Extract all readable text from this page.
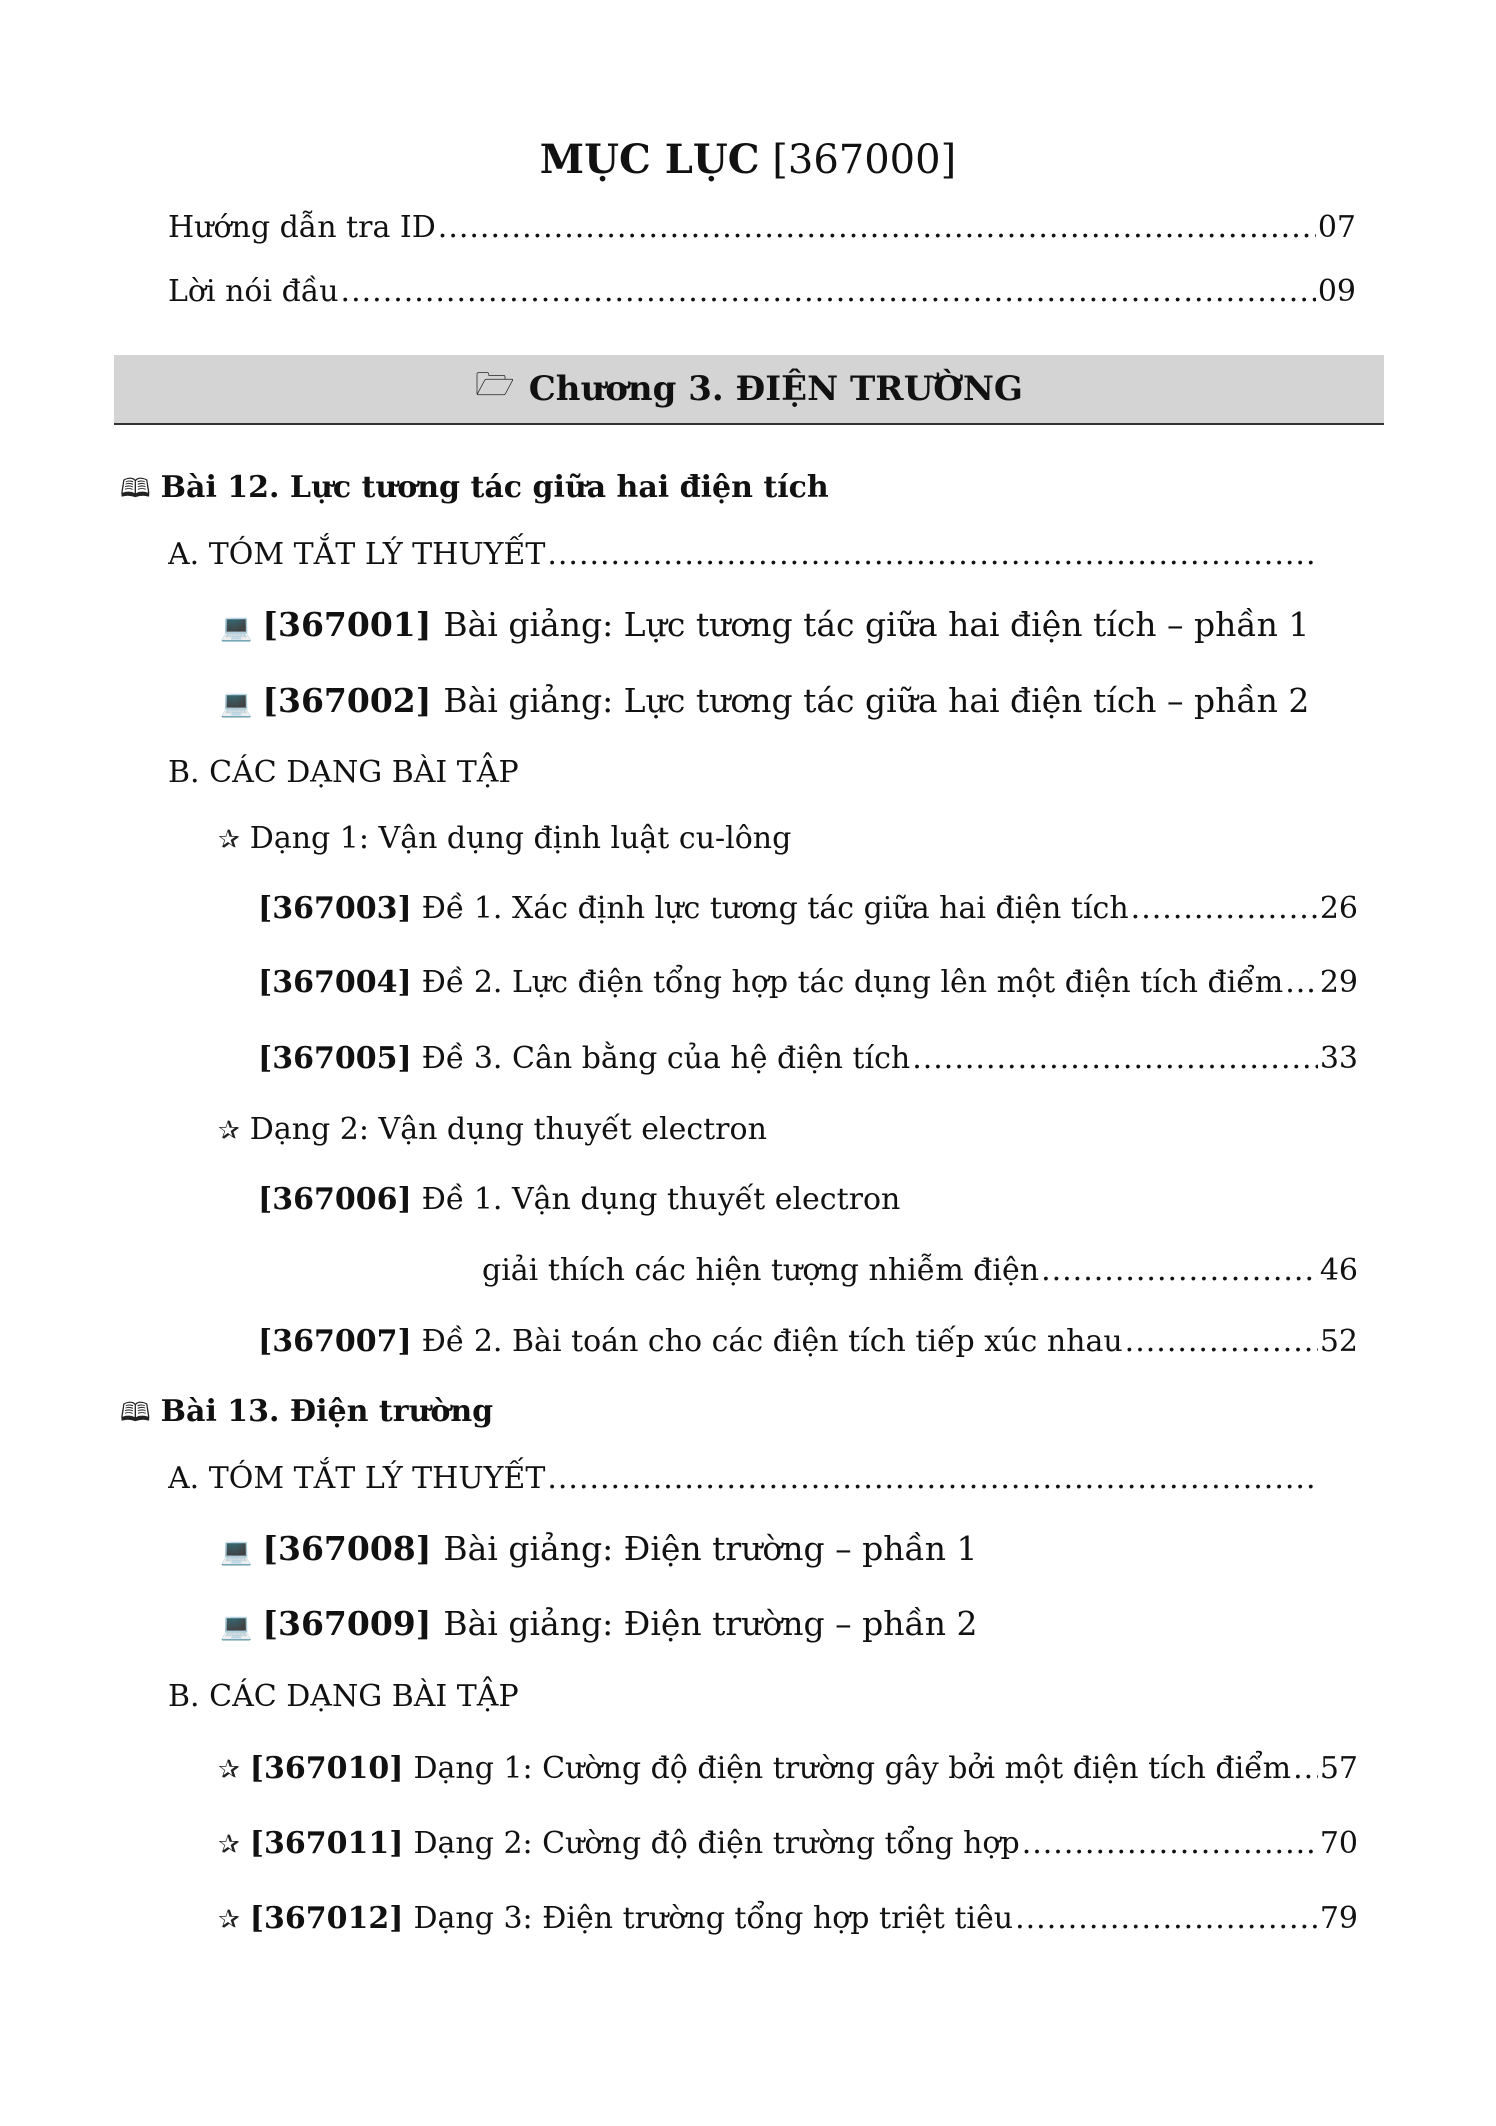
MỤC LỤC [367000]
Hướng dẫn tra ID .....	07
Lời nói đầu .....	09
🗁 Chương 3. ĐIỆN TRƯỜNG
🕮 Bài 12. Lực tương tác giữa hai điện tích
A. TÓM TẮT LÝ THUYẾT
.....
💻 [367001] Bài giảng: Lực tương tác giữa hai điện tích – phần 1
💻 [367002] Bài giảng: Lực tương tác giữa hai điện tích – phần 2
B. CÁC DẠNG BÀI TẬP
✰ Dạng 1: Vận dụng định luật cu-lông
[367003] Đề 1. Xác định lực tương tác giữa hai điện tích .....	26
[367004] Đề 2. Lực điện tổng hợp tác dụng lên một điện tích điểm ..... 29
[367005] Đề 3. Cân bằng của hệ điện tích .....	33
✰ Dạng 2: Vận dụng thuyết electron
[367006] Đề 1. Vận dụng thuyết electron
giải thích các hiện tượng nhiễm điện .....	46
[367007] Đề 2. Bài toán cho các điện tích tiếp xúc nhau .....	52
🕮 Bài 13. Điện trường
A. TÓM TẮT LÝ THUYẾT
.....
💻 [367008] Bài giảng: Điện trường – phần 1
💻 [367009] Bài giảng: Điện trường – phần 2
B. CÁC DẠNG BÀI TẬP
✰ [367010] Dạng 1: Cường độ điện trường gây bởi một điện tích điểm ..... 57
✰ [367011] Dạng 2: Cường độ điện trường tổng hợp .....	70
✰ [367012] Dạng 3: Điện trường tổng hợp triệt tiêu .....	79
